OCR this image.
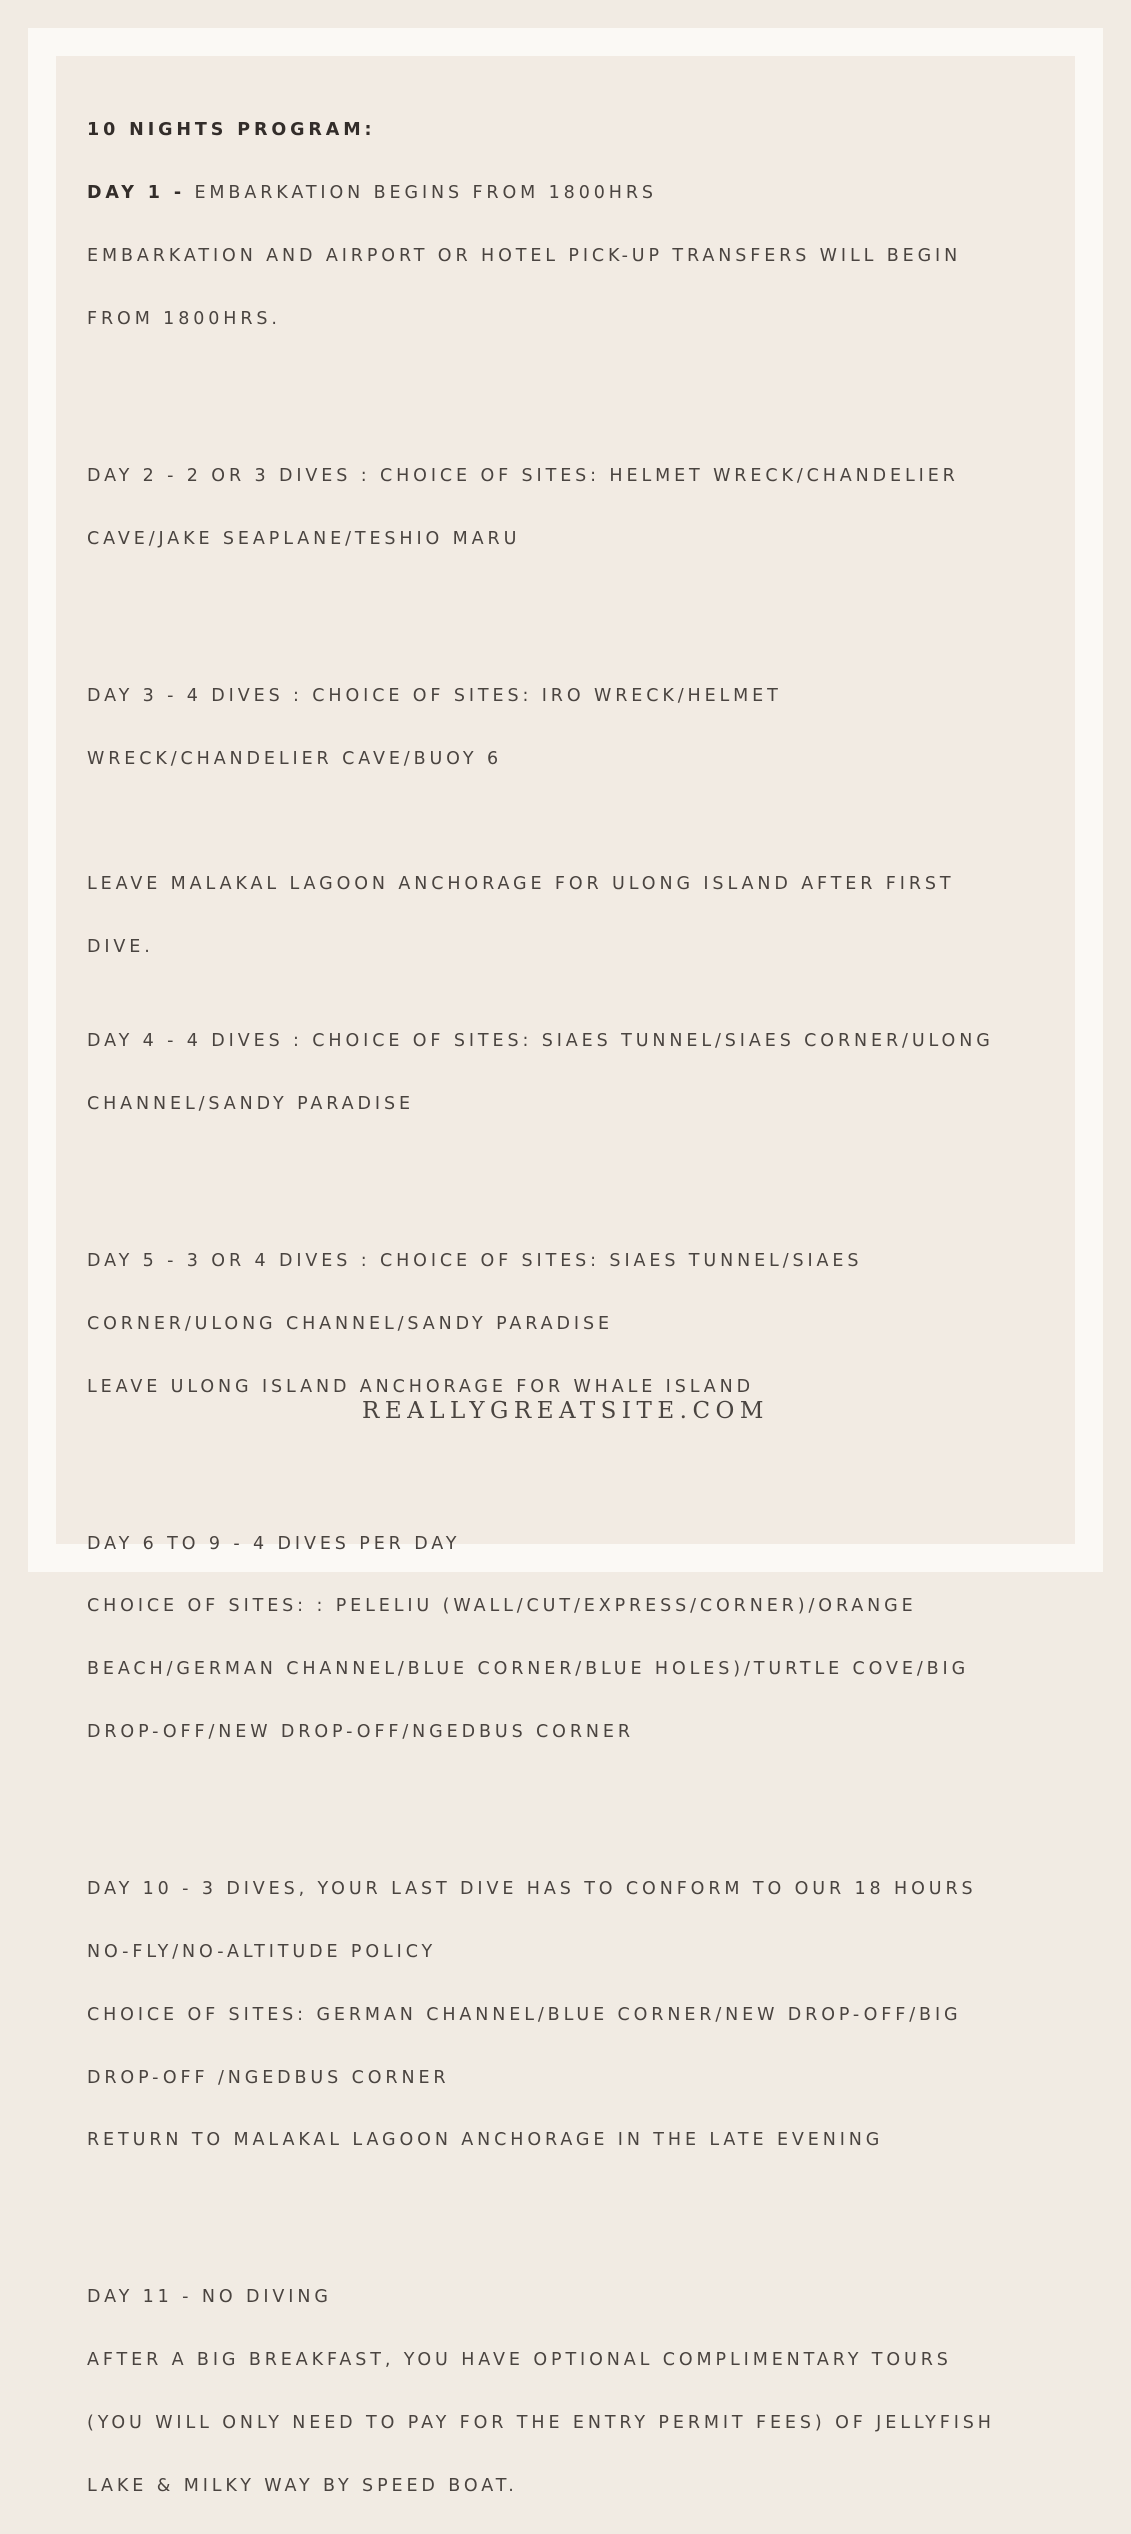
10 NIGHTS PROGRAM:

DAY 1 - EMBARKATION BEGINS FROM 1800HRS

EMBARKATION AND AIRPORT OR HOTEL PICK-UP TRANSFERS WILL BEGIN

FROM 1800HRS.

DAY 2 - 2 OR 3 DIVES : CHOICE OF SITES: HELMET WRECK/CHANDELIER

CAVE/JAKE SEAPLANE/TESHIO MARU

DAY 3 - 4 DIVES : CHOICE OF SITES: IRO WRECK/HELMET

WRECK/CHANDELIER CAVE/BUOY 6

LEAVE MALAKAL LAGOON ANCHORAGE FOR ULONG ISLAND AFTER FIRST

DIVE.

DAY 4 - 4 DIVES : CHOICE OF SITES: SIAES TUNNEL/SIAES CORNER/ULONG

CHANNEL/SANDY PARADISE

DAY 5 - 3 OR 4 DIVES : CHOICE OF SITES: SIAES TUNNEL/SIAES

CORNER/ULONG CHANNEL/SANDY PARADISE

LEAVE ULONG ISLAND ANCHORAGE FOR WHALE ISLAND

DAY 6 TO 9 - 4 DIVES PER DAY

CHOICE OF SITES: : PELELIU (WALL/CUT/EXPRESS/CORNER)/ORANGE

BEACH/GERMAN CHANNEL/BLUE CORNER/BLUE HOLES)/TURTLE COVE/BIG

DROP-OFF/NEW DROP-OFF/NGEDBUS CORNER

DAY 10 - 3 DIVES, YOUR LAST DIVE HAS TO CONFORM TO OUR 18 HOURS

NO-FLY/NO-ALTITUDE POLICY

CHOICE OF SITES: GERMAN CHANNEL/BLUE CORNER/NEW DROP-OFF/BIG

DROP-OFF /NGEDBUS CORNER

RETURN TO MALAKAL LAGOON ANCHORAGE IN THE LATE EVENING

DAY 11 - NO DIVING

AFTER A BIG BREAKFAST, YOU HAVE OPTIONAL COMPLIMENTARY TOURS

(YOU WILL ONLY NEED TO PAY FOR THE ENTRY PERMIT FEES) OF JELLYFISH

LAKE & MILKY WAY BY SPEED BOAT.

REALLYGREATSITE.COM
